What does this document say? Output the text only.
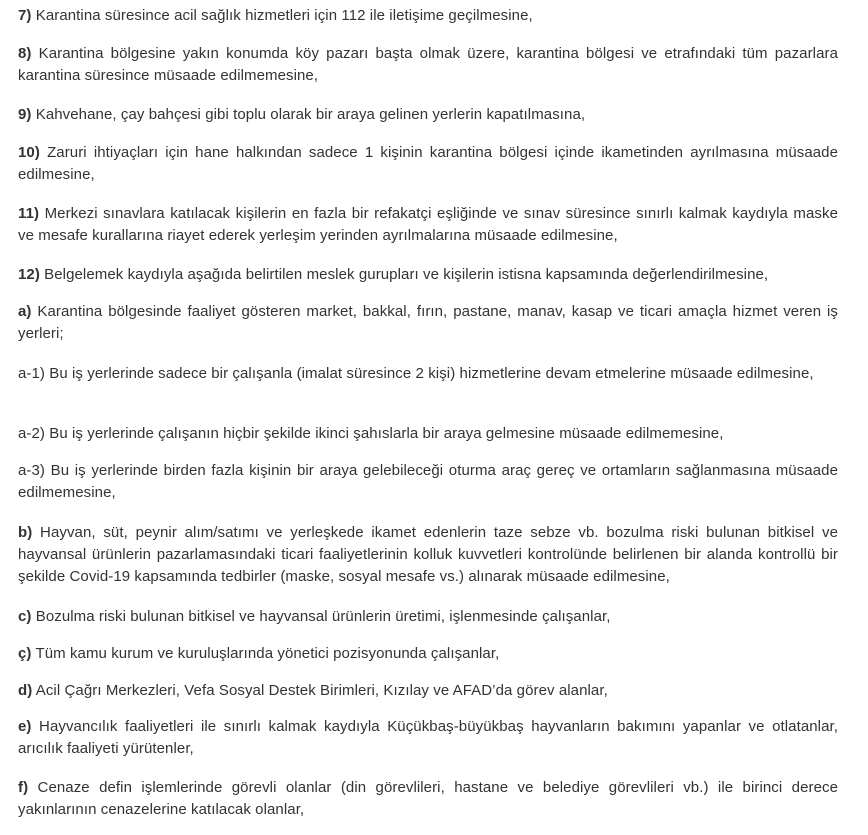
7) Karantina süresince acil sağlık hizmetleri için 112 ile iletişime geçilmesine,

8) Karantina bölgesine yakın konumda köy pazarı başta olmak üzere, karantina bölgesi ve etrafındaki tüm pazarlara karantina süresince müsaade edilmemesine,

9) Kahvehane, çay bahçesi gibi toplu olarak bir araya gelinen yerlerin kapatılmasına,

10) Zaruri ihtiyaçları için hane halkından sadece 1 kişinin karantina bölgesi içinde ikametinden ayrılmasına müsaade edilmesine,

11) Merkezi sınavlara katılacak kişilerin en fazla bir refakatçi eşliğinde ve sınav süresince sınırlı kalmak kaydıyla maske ve mesafe kurallarına riayet ederek yerleşim yerinden ayrılmalarına müsaade edilmesine,

12) Belgelemek kaydıyla aşağıda belirtilen meslek gurupları ve kişilerin istisna kapsamında değerlendirilmesine,

a) Karantina bölgesinde faaliyet gösteren market, bakkal, fırın, pastane, manav, kasap ve ticari amaçla hizmet veren iş yerleri;

a-1) Bu iş yerlerinde sadece bir çalışanla (imalat süresince 2 kişi) hizmetlerine devam etmelerine müsaade edilmesine,

a-2) Bu iş yerlerinde çalışanın hiçbir şekilde ikinci şahıslarla bir araya gelmesine müsaade edilmemesine,

a-3) Bu iş yerlerinde birden fazla kişinin bir araya gelebileceği oturma araç gereç ve ortamların sağlanmasına müsaade edilmemesine,

b) Hayvan, süt, peynir alım/satımı ve yerleşkede ikamet edenlerin taze sebze vb. bozulma riski bulunan bitkisel ve hayvansal ürünlerin pazarlamasındaki ticari faaliyetlerinin kolluk kuvvetleri kontrolünde belirlenen bir alanda kontrollü bir şekilde Covid-19 kapsamında tedbirler (maske, sosyal mesafe vs.) alınarak müsaade edilmesine,

c) Bozulma riski bulunan bitkisel ve hayvansal ürünlerin üretimi, işlenmesinde çalışanlar,

ç) Tüm kamu kurum ve kuruluşlarında yönetici pozisyonunda çalışanlar,

d) Acil Çağrı Merkezleri, Vefa Sosyal Destek Birimleri, Kızılay ve AFAD’da görev alanlar,

e) Hayvancılık faaliyetleri ile sınırlı kalmak kaydıyla Küçükbaş-büyükbaş hayvanların bakımını yapanlar ve otlatanlar, arıcılık faaliyeti yürütenler,

f) Cenaze defin işlemlerinde görevli olanlar (din görevlileri, hastane ve belediye görevlileri vb.) ile birinci derece yakınlarının cenazelerine katılacak olanlar,
